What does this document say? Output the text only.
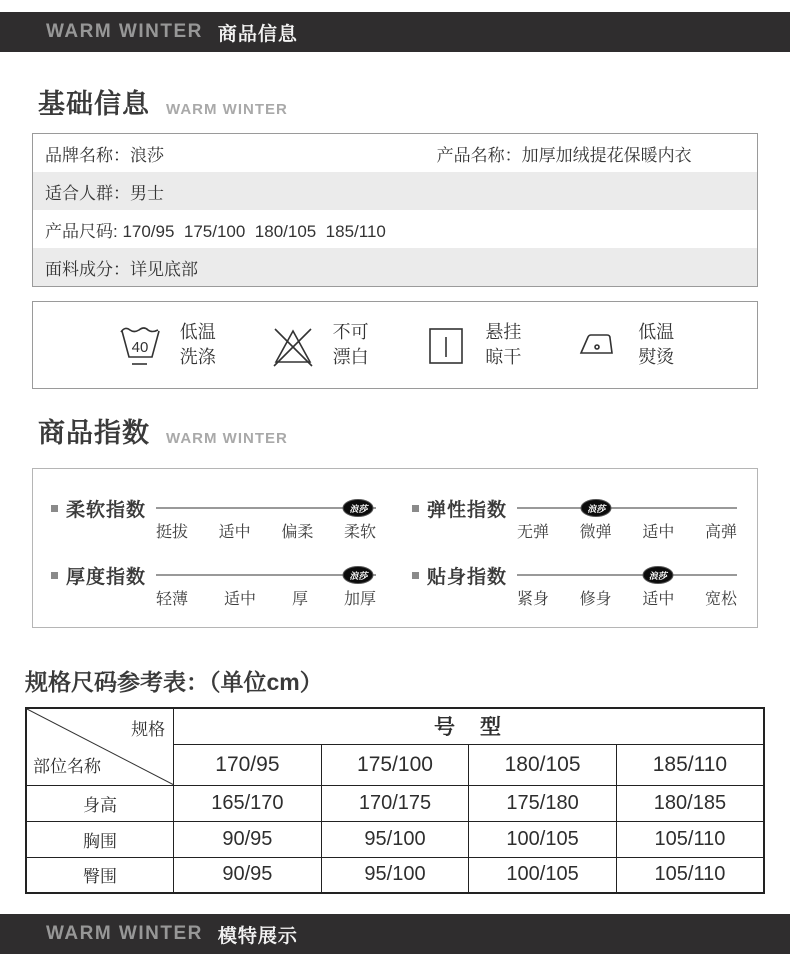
WARM WINTER 商品信息
基础信息 WARM WINTER
品牌名称：浪莎	产品名称：加厚加绒提花保暖内衣
适合人群：男士
产品尺码: 170/95  175/100  180/105  185/110
面料成分：详见底部
40
低温
洗涤
不可
漂白
悬挂
晾干
低温
熨烫
商品指数 WARM WINTER
柔软指数	浪莎
挺拔 适中 偏柔 柔软
弹性指数	浪莎
无弹 微弹 适中 高弹
厚度指数	浪莎
轻薄 适中 厚 加厚
贴身指数	浪莎
紧身 修身 适中 宽松
规格尺码参考表：（单位cm）
规格
部位名称	号　型			
	170/95	175/100	180/105	185/110
身高	165/170	170/175	175/180	180/185
胸围	90/95	95/100	100/105	105/110
臀围	90/95	95/100	100/105	105/110
WARM WINTER 模特展示
